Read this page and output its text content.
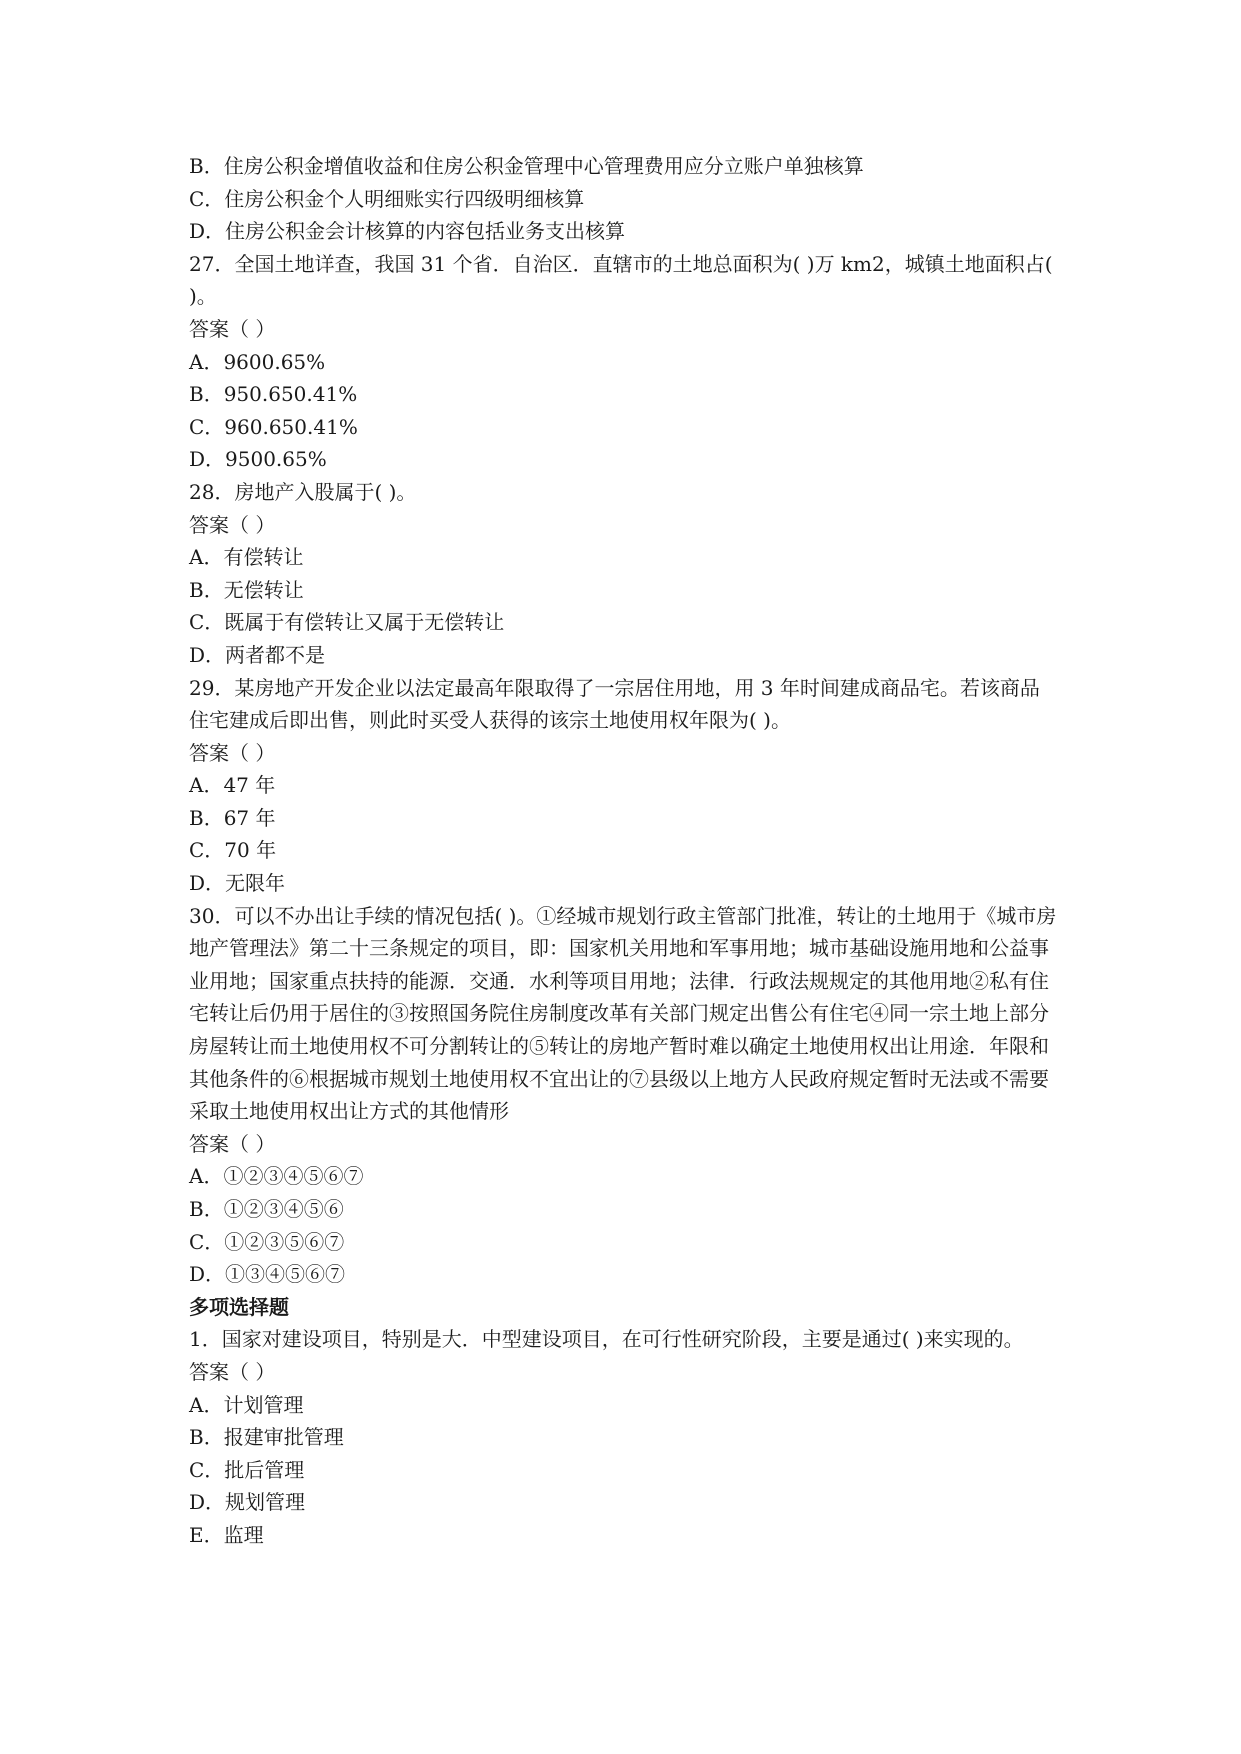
B．住房公积金增值收益和住房公积金管理中心管理费用应分立账户单独核算

C．住房公积金个人明细账实行四级明细核算

D．住房公积金会计核算的内容包括业务支出核算

27．全国土地详查，我国 31 个省．自治区．直辖市的土地总面积为( )万 km2，城镇土地面积占( )。

答案（ ）

A．9600.65%

B．950.650.41%

C．960.650.41%

D．9500.65%

28．房地产入股属于( )。

答案（ ）

A．有偿转让

B．无偿转让

C．既属于有偿转让又属于无偿转让

D．两者都不是

29．某房地产开发企业以法定最高年限取得了一宗居住用地，用 3 年时间建成商品宅。若该商品住宅建成后即出售，则此时买受人获得的该宗土地使用权年限为( )。

答案（ ）

A．47 年

B．67 年

C．70 年

D．无限年

30．可以不办出让手续的情况包括( )。①经城市规划行政主管部门批准，转让的土地用于《城市房地产管理法》第二十三条规定的项目，即：国家机关用地和军事用地；城市基础设施用地和公益事业用地；国家重点扶持的能源．交通．水利等项目用地；法律．行政法规规定的其他用地②私有住宅转让后仍用于居住的③按照国务院住房制度改革有关部门规定出售公有住宅④同一宗土地上部分房屋转让而土地使用权不可分割转让的⑤转让的房地产暂时难以确定土地使用权出让用途．年限和其他条件的⑥根据城市规划土地使用权不宜出让的⑦县级以上地方人民政府规定暂时无法或不需要采取土地使用权出让方式的其他情形

答案（ ）

A．①②③④⑤⑥⑦

B．①②③④⑤⑥

C．①②③⑤⑥⑦

D．①③④⑤⑥⑦

多项选择题

1．国家对建设项目，特别是大．中型建设项目，在可行性研究阶段，主要是通过( )来实现的。

答案（ ）

A．计划管理

B．报建审批管理

C．批后管理

D．规划管理

E．监理
